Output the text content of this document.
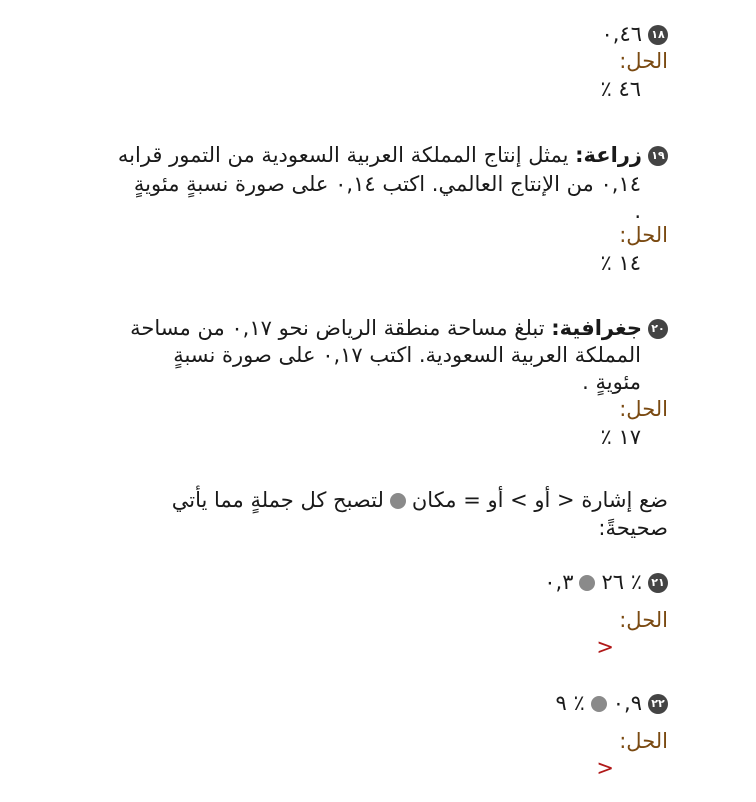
١٨٠,٤٦
الحل:
٤٦ ٪
١٩زراعة: يمثل إنتاج المملكة العربية السعودية من التمور قرابه
٠,١٤ من الإنتاج العالمي. اكتب ٠,١٤ على صورة نسبةٍ مئويةٍ
.
الحل:
١٤ ٪
٢٠جغرافية: تبلغ مساحة منطقة الرياض نحو ٠,١٧ من مساحة
المملكة العربية السعودية. اكتب ٠,١٧ على صورة نسبةٍ
مئويةٍ .
الحل:
١٧ ٪
ضع إشارة < أو > أو = مكانلتصبح كل جملةٍ مما يأتي
صحيحةً:
٢١٢٦ ٪٠,٣
الحل:
<
٢٢٠,٩٩ ٪
الحل:
<
